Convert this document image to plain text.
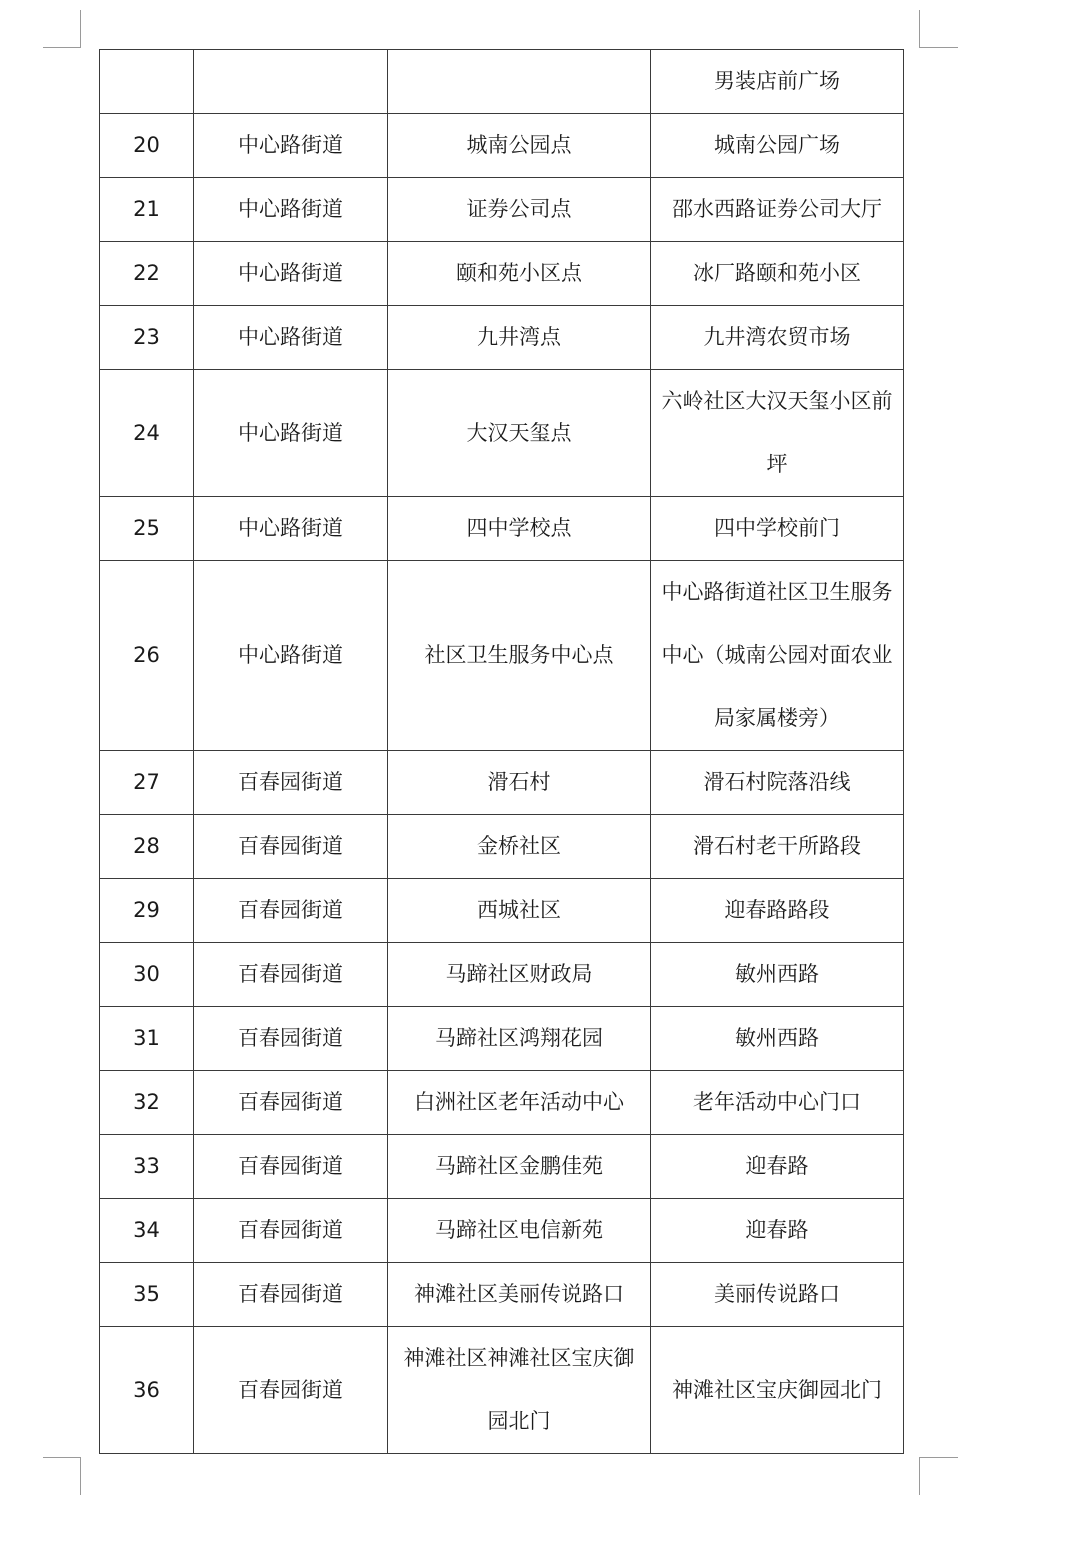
			男装店前广场
20	中心路街道	城南公园点	城南公园广场
21	中心路街道	证券公司点	邵水西路证券公司大厅
22	中心路街道	颐和苑小区点	冰厂路颐和苑小区
23	中心路街道	九井湾点	九井湾农贸市场
24	中心路街道	大汉天玺点	六岭社区大汉天玺小区前坪
25	中心路街道	四中学校点	四中学校前门
26	中心路街道	社区卫生服务中心点	中心路街道社区卫生服务中心（城南公园对面农业局家属楼旁）
27	百春园街道	滑石村	滑石村院落沿线
28	百春园街道	金桥社区	滑石村老干所路段
29	百春园街道	西城社区	迎春路路段
30	百春园街道	马蹄社区财政局	敏州西路
31	百春园街道	马蹄社区鸿翔花园	敏州西路
32	百春园街道	白洲社区老年活动中心	老年活动中心门口
33	百春园街道	马蹄社区金鹏佳苑	迎春路
34	百春园街道	马蹄社区电信新苑	迎春路
35	百春园街道	神滩社区美丽传说路口	美丽传说路口
36	百春园街道	神滩社区神滩社区宝庆御园北门	神滩社区宝庆御园北门
